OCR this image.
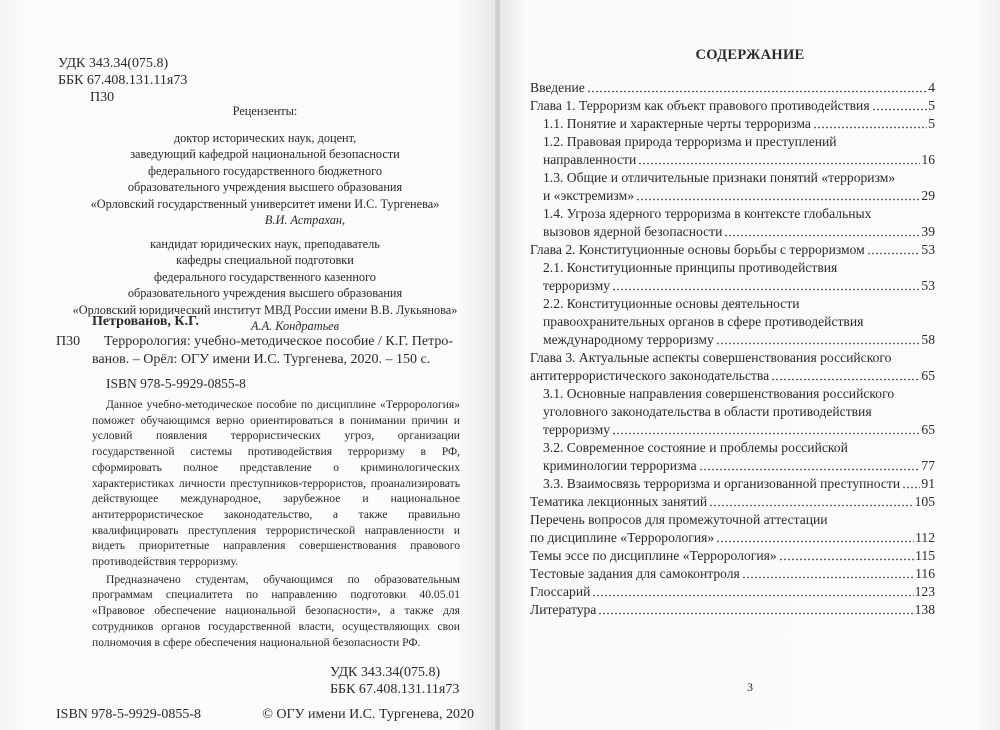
УДК 343.34(075.8)
ББК 67.408.131.11я73
П30
Рецензенты:
доктор исторических наук, доцент,
заведующий кафедрой национальной безопасности
федерального государственного бюджетного
образовательного учреждения высшего образования
«Орловский государственный университет имени И.С. Тургенева»
В.И. Астрахан,
кандидат юридических наук, преподаватель
кафедры специальной подготовки
федерального государственного казенного
образовательного учреждения высшего образования
«Орловский юридический институт МВД России имени В.В. Лукьянова»
А.А. Кондратьев
Петрованов, К.Г.
П30 Террорология: учебно-методическое пособие / К.Г. Петро-
ванов. – Орёл: ОГУ имени И.С. Тургенева, 2020. – 150 с.
ISBN 978-5-9929-0855-8
Данное учебно-методическое пособие по дисциплине «Террорология» поможет обучающимся верно ориентироваться в понимании причин и условий появления террористических угроз, организации государственной системы противодействия терроризму в РФ, сформировать полное представление о криминологических характеристиках личности преступников-террористов, проанализировать действующее международное, зарубежное и национальное антитеррористическое законодательство, а также правильно квалифицировать преступления террористической направленности и видеть приоритетные направления совершенствования правового противодействия терроризму.
Предназначено студентам, обучающимся по образовательным программам специалитета по направлению подготовки 40.05.01 «Правовое обеспечение национальной безопасности», а также для сотрудников органов государственной власти, осуществляющих свои полномочия в сфере обеспечения национальной безопасности РФ.
УДК 343.34(075.8)
ББК 67.408.131.11я73
ISBN 978-5-9929-0855-8	© ОГУ имени И.С. Тургенева, 2020
СОДЕРЖАНИЕ
Введение	4
Глава 1. Терроризм как объект правового противодействия	5
1.1. Понятие и характерные черты терроризма	5
1.2. Правовая природа терроризма и преступлений
направленности	16
1.3. Общие и отличительные признаки понятий «терроризм»
и «экстремизм»	29
1.4. Угроза ядерного терроризма в контексте глобальных
вызовов ядерной безопасности	39
Глава 2. Конституционные основы борьбы с терроризмом	53
2.1. Конституционные принципы противодействия
терроризму	53
2.2. Конституционные основы деятельности
правоохранительных органов в сфере противодействия
международному терроризму	58
Глава 3. Актуальные аспекты совершенствования российского
антитеррористического законодательства	65
3.1. Основные направления совершенствования российского
уголовного законодательства в области противодействия
терроризму	65
3.2. Современное состояние и проблемы российской
криминологии терроризма	77
3.3. Взаимосвязь терроризма и организованной преступности 91
Тематика лекционных занятий	105
Перечень вопросов для промежуточной аттестации
по дисциплине «Террорология»	112
Темы эссе по дисциплине «Террорология»	115
Тестовые задания для самоконтроля	116
Глоссарий	123
Литература	138
3
